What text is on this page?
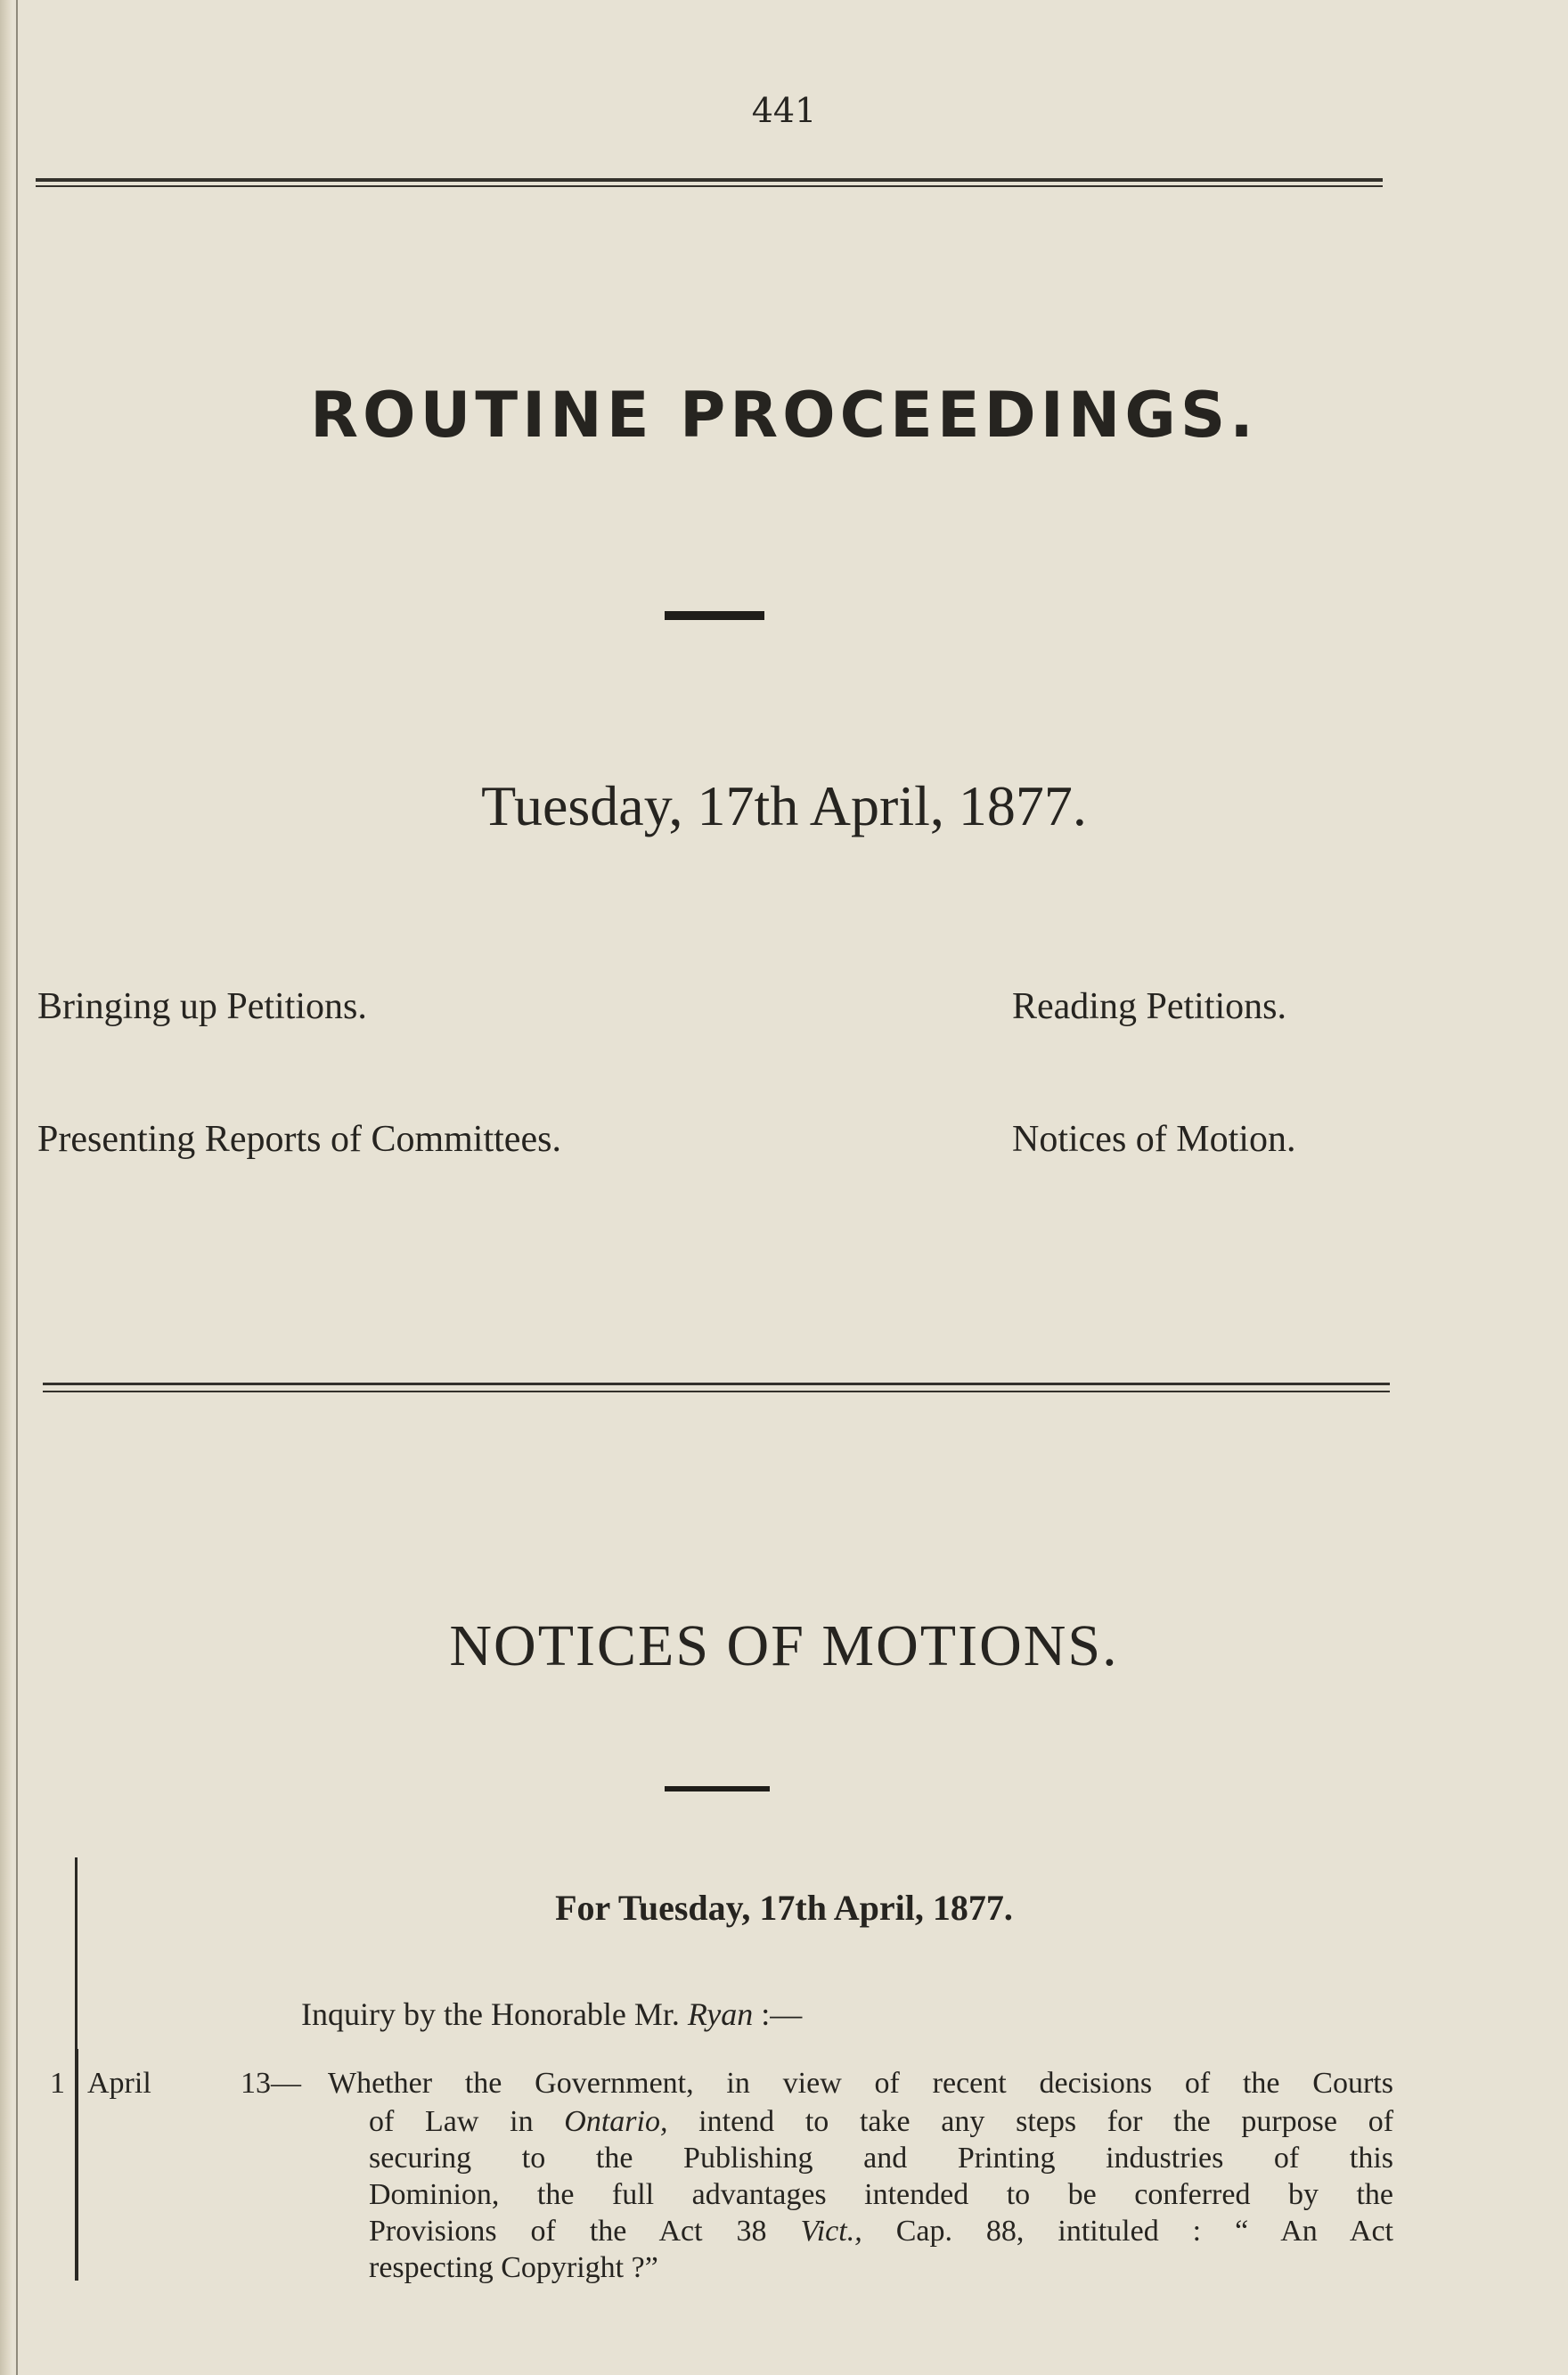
441
ROUTINE PROCEEDINGS.
Tuesday, 17th April, 1877.
Bringing up Petitions.	Reading Petitions.
Presenting Reports of Committees.	Notices of Motion.
NOTICES OF MOTIONS.
For Tuesday, 17th April, 1877.
Inquiry by the Honorable Mr. Ryan :—
1 April	13— Whether the Government, in view of recent decisions of the Courts
of Law in Ontario, intend to take any steps for the purpose of
securing to the Publishing and Printing industries of this
Dominion, the full advantages intended to be conferred by the
Provisions of the Act 38 Vict., Cap. 88, intituled : “ An Act
respecting Copyright ?”
